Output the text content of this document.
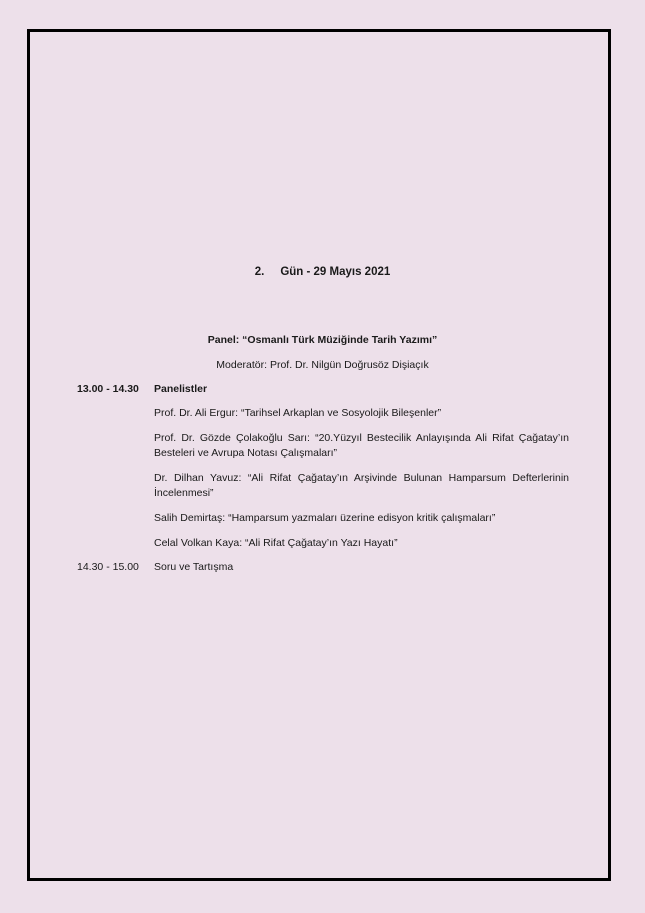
2. Gün - 29 Mayıs 2021
Panel: “Osmanlı Türk Müziğinde Tarih Yazımı”
Moderatör: Prof. Dr. Nilgün Doğrusöz Dişiaçık
13.00 - 14.30 Panelistler
Prof. Dr. Ali Ergur: “Tarihsel Arkaplan ve Sosyolojik Bileşenler”
Prof. Dr. Gözde Çolakoğlu Sarı: “20.Yüzyıl Bestecilik Anlayışında Ali Rifat Çağatay’ın Besteleri ve Avrupa Notası Çalışmaları”
Dr. Dilhan Yavuz: “Ali Rifat Çağatay’ın Arşivinde Bulunan Hamparsum Defterlerinin İncelenmesi”
Salih Demirtaş: “Hamparsum yazmaları üzerine edisyon kritik çalışmaları”
Celal Volkan Kaya: “Ali Rifat Çağatay’ın Yazı Hayatı”
14.30 - 15.00 Soru ve Tartışma
